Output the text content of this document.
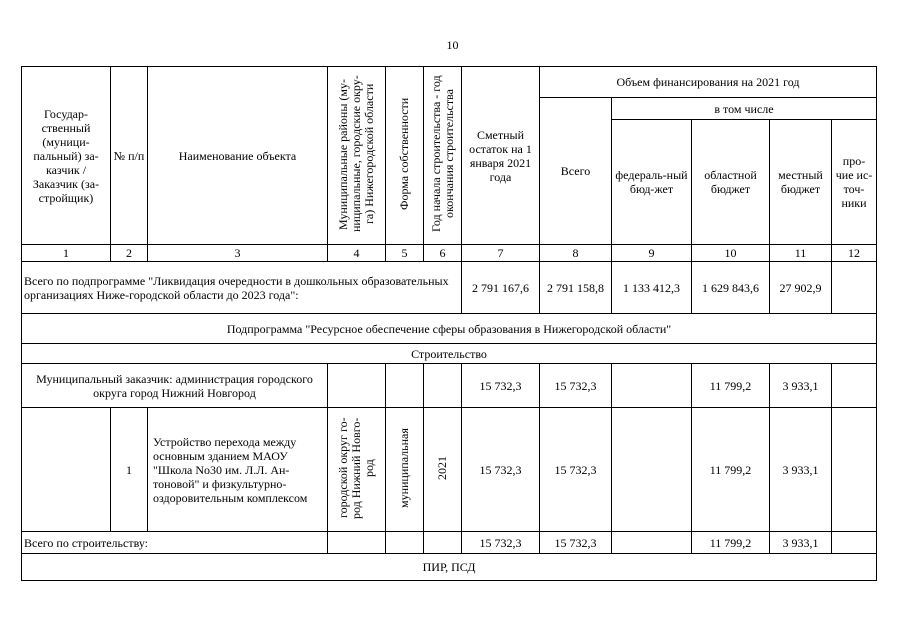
10
Государ-ственный (муници-пальный) за-казчик / Заказчик (за-стройщик)	№ п/п	Наименование объекта	Муниципальные районы (му-ниципальные, городские окру-га) Нижегородской области	Форма собственности	Год начала строительства - год окончания строительства	Сметный остаток на 1 января 2021 года	Объем финансирования на 2021 год				
							Всего	в том числе			
								федераль-ный бюд-жет	областной бюджет	местный бюджет	про-чие ис-точ-ники
1	2	3	4	5	6	7	8	9	10	11	12
Всего по подпрограмме "Ликвидация очередности в дошкольных образовательных организациях Ниже-городской области до 2023 года":						2 791 167,6	2 791 158,8	1 133 412,3	1 629 843,6	27 902,9	
Подпрограмма "Ресурсное обеспечение сферы образования в Нижегородской области"											
Строительство											
Муниципальный заказчик: администрация городского округа город Нижний Новгород						15 732,3	15 732,3		11 799,2	3 933,1	
	1	Устройство перехода между основным зданием МАОУ "Школа No30 им. Л.Л. Ан-тоновой" и физкультурно-оздоровительным комплексом	городской округ го-род Нижний Новго-род	муниципальная	2021	15 732,3	15 732,3		11 799,2	3 933,1	
Всего по строительству:						15 732,3	15 732,3		11 799,2	3 933,1	
ПИР, ПСД											
